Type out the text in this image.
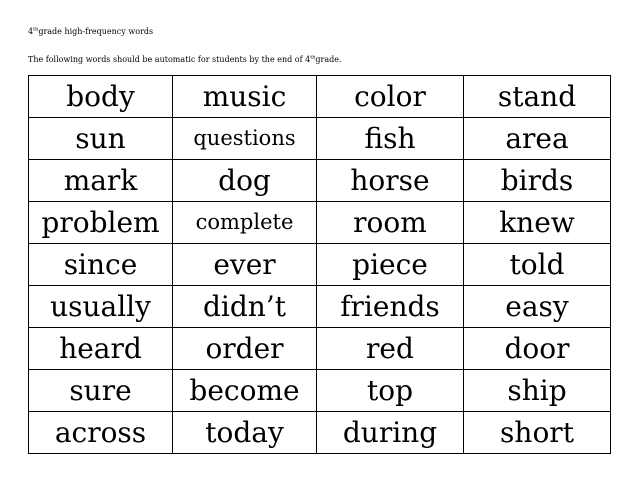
4thgrade high-frequency words
The following words should be automatic for students by the end of 4thgrade.
body	music	color	stand
sun	questions	fish	area
mark	dog	horse	birds
problem	complete	room	knew
since	ever	piece	told
usually	didn’t	friends	easy
heard	order	red	door
sure	become	top	ship
across	today	during	short
